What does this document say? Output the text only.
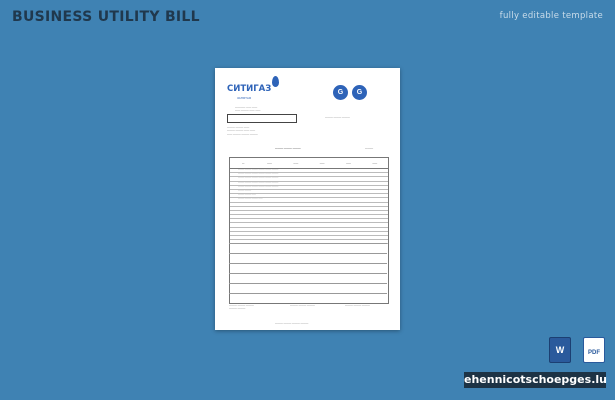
BUSINESS UTILITY BILL	fully editable template
СИТИГАЗ
ЗАПЯТАЯ
G	G
———— —— ——
—— ——— —— ——
——— ——— ———
——— ——— ———
——— ——— ——
——— ——— —— ——
—— ——— ——— ———
——— ——— ———	———
—	——	——	——	——	——
——— ——— ——— ——— ——— ———
——— ——— ——— ——— ——— ———
——— ——— ——— ——— ——— ———
——— ——— ——— ——— ——— ———
——— ——— ——— ——— ——— ———
——— ———
——— ——— ——
——— ——— ——— ——
——— ——— ———
——— ———
——— ——— ———	——— ——— ———
——— ——— ——— ———
W	PDF
ehennicotschoepges.lu
